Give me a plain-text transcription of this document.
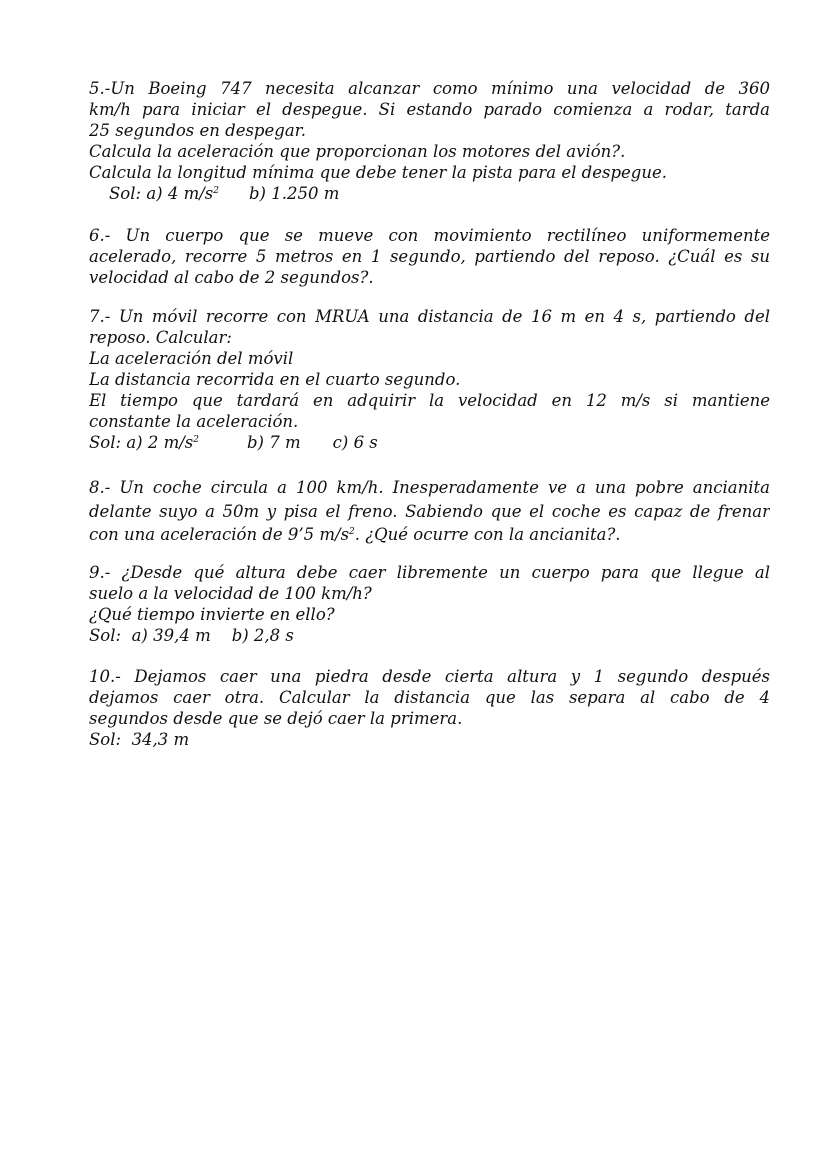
5.-Un Boeing 747 necesita alcanzar como mínimo una velocidad de 360
km/h para iniciar el despegue. Si estando parado comienza a rodar, tarda
25 segundos en despegar.
Calcula la aceleración que proporcionan los motores del avión?.
Calcula la longitud mínima que debe tener la pista para el despegue.
Sol: a) 4 $m/s^2$ b) 1.250 m
6.- Un cuerpo que se mueve con movimiento rectilíneo uniformemente
acelerado, recorre 5 metros en 1 segundo, partiendo del reposo. ¿Cuál es su
velocidad al cabo de 2 segundos?.
7.- Un móvil recorre con MRUA una distancia de 16 m en 4 s, partiendo del
reposo. Calcular:
La aceleración del móvil
La distancia recorrida en el cuarto segundo.
El tiempo que tardará en adquirir la velocidad en 12 m/s si mantiene
constante la aceleración.
Sol: a) 2 $m/s^2$	b) 7 m c) 6 s
8.- Un coche circula a 100 km/h. Inesperadamente ve a una pobre ancianita
delante suyo a 50m y pisa el freno. Sabiendo que el coche es capaz de frenar
con una aceleración de 9’5 $m/s^2$. ¿Qué ocurre con la ancianita?.
9.- ¿Desde qué altura debe caer libremente un cuerpo para que llegue al
suelo a la velocidad de 100 km/h?
¿Qué tiempo invierte en ello?
Sol:  a) 39,4 m    b) 2,8 s
10.- Dejamos caer una piedra desde cierta altura y 1 segundo después
dejamos caer otra. Calcular la distancia que las separa al cabo de 4
segundos desde que se dejó caer la primera.
Sol:  34,3 m
